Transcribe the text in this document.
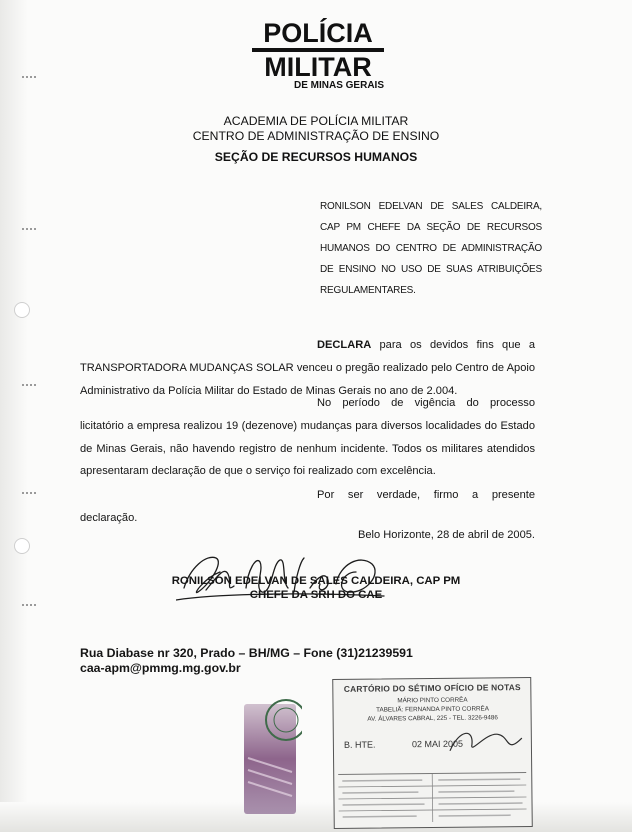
POLÍCIA
MILITAR
DE MINAS GERAIS
ACADEMIA DE POLÍCIA MILITAR
CENTRO DE ADMINISTRAÇÃO DE ENSINO
SEÇÃO DE RECURSOS HUMANOS
RONILSON EDELVAN DE SALES CALDEIRA, CAP PM CHEFE DA SEÇÃO DE RECURSOS HUMANOS DO CENTRO DE ADMINISTRAÇÃO DE ENSINO NO USO DE SUAS ATRIBUIÇÕES REGULAMENTARES.

DECLARA para os devidos fins que a TRANSPORTADORA MUDANÇAS SOLAR venceu o pregão realizado pelo Centro de Apoio Administrativo da Polícia Militar do Estado de Minas Gerais no ano de 2.004.

No período de vigência do processo licitatório a empresa realizou 19 (dezenove) mudanças para diversos localidades do Estado de Minas Gerais, não havendo registro de nenhum incidente. Todos os militares atendidos apresentaram declaração de que o serviço foi realizado com excelência.

Por ser verdade, firmo a presente declaração.

Belo Horizonte, 28 de abril de 2005.

RONILSON EDELVAN DE SALES CALDEIRA, CAP PM
CHEFE DA SRH DO CAE
Rua Diabase nr 320, Prado – BH/MG – Fone (31)21239591
caa-apm@pmmg.mg.gov.br
CARTÓRIO DO SÉTIMO OFÍCIO DE NOTAS
MÁRIO PINTO CORRÊA
TABELIÃ: FERNANDA PINTO CORRÊA
AV. ÁLVARES CABRAL, 225 - TEL. 3226-9486
B. HTE.	02 MAI 2005
